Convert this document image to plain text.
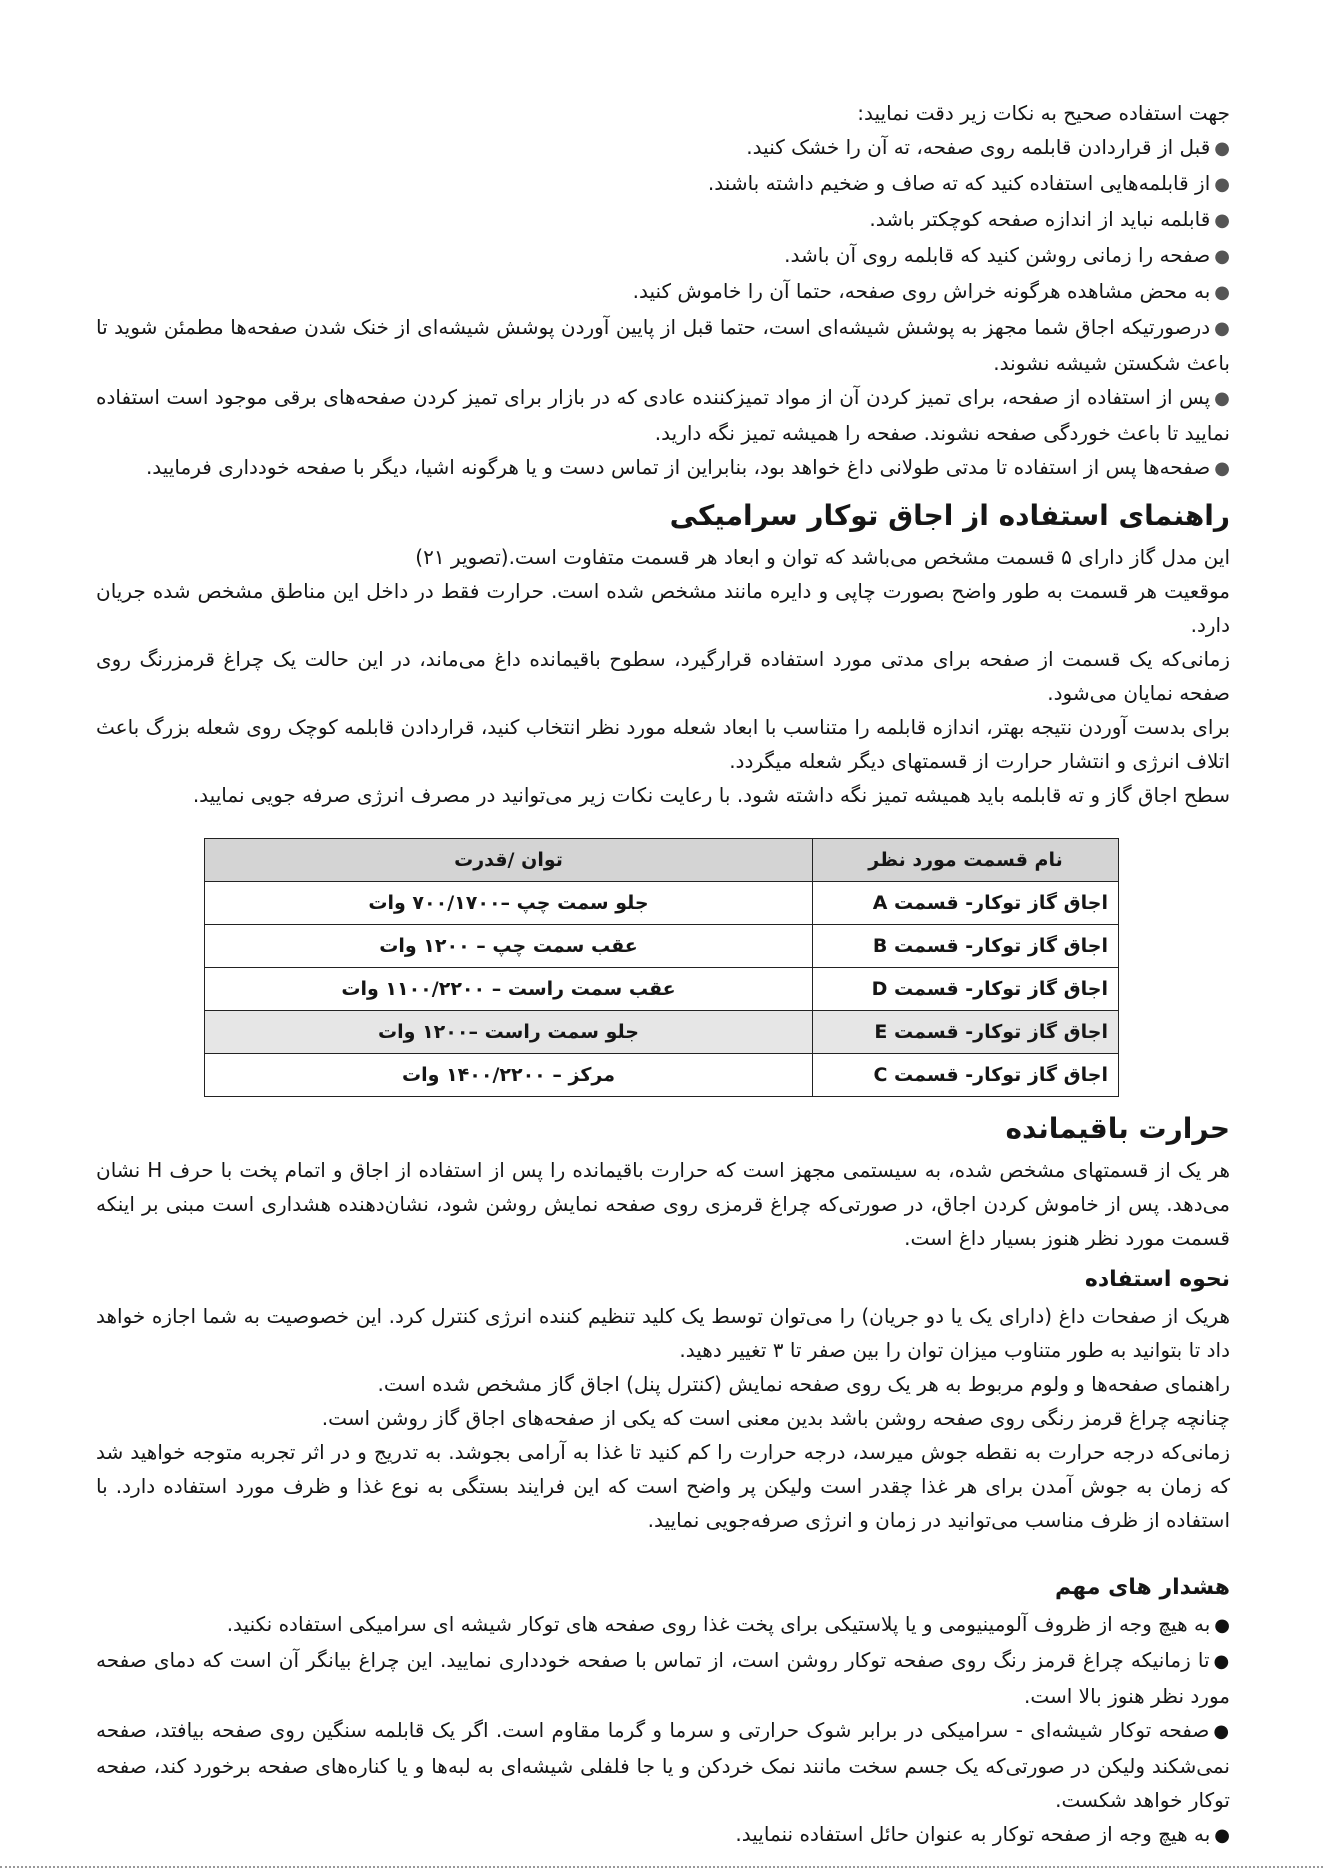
جهت استفاده صحیح به نکات زیر دقت نمایید:

●قبل از قراردادن قابلمه روی صفحه، ته آن را خشک کنید.
●از قابلمه‌هایی استفاده کنید که ته صاف و ضخیم داشته باشند.
●قابلمه نباید از اندازه صفحه کوچکتر باشد.
●صفحه را زمانی روشن کنید که قابلمه روی آن باشد.
●به محض مشاهده هرگونه خراش روی صفحه، حتما آن را خاموش کنید.
●درصورتیکه اجاق شما مجهز به پوشش شیشه‌ای است، حتما قبل از پایین آوردن پوشش شیشه‌ای از خنک شدن صفحه‌ها مطمئن شوید تا باعث شکستن شیشه نشوند.
●پس از استفاده از صفحه، برای تمیز کردن آن از مواد تمیزکننده عادی که در بازار برای تمیز کردن صفحه‌های برقی موجود است استفاده نمایید تا باعث خوردگی صفحه نشوند. صفحه را همیشه تمیز نگه دارید.
●صفحه‌ها پس از استفاده تا مدتی طولانی داغ خواهد بود، بنابراین از تماس دست و یا هرگونه اشیا، دیگر با صفحه خودداری فرمایید.
راهنمای استفاده از اجاق توکار سرامیکی

این مدل گاز دارای ۵ قسمت مشخص می‌باشد که توان و ابعاد هر قسمت متفاوت است.(تصویر ۲۱)

موقعیت هر قسمت به طور واضح بصورت چاپی و دایره مانند مشخص شده است. حرارت فقط در داخل این مناطق مشخص شده جریان دارد.

زمانی‌که یک قسمت از صفحه برای مدتی مورد استفاده قرارگیرد، سطوح باقیمانده داغ می‌ماند، در این حالت یک چراغ قرمزرنگ روی صفحه نمایان می‌شود.

برای بدست آوردن نتیجه بهتر، اندازه قابلمه را متناسب با ابعاد شعله مورد نظر انتخاب کنید، قراردادن قابلمه کوچک روی شعله بزرگ باعث اتلاف انرژی و انتشار حرارت از قسمتهای دیگر شعله میگردد.

سطح اجاق گاز و ته قابلمه باید همیشه تمیز نگه داشته شود. با رعایت نکات زیر می‌توانید در مصرف انرژی صرفه جویی نمایید.

نام قسمت مورد نظر	توان /قدرت
اجاق گاز توکار- قسمت A	جلو سمت چپ –۷۰۰/۱۷۰۰ وات
اجاق گاز توکار- قسمت B	عقب سمت چپ – ۱۲۰۰ وات
اجاق گاز توکار- قسمت D	عقب سمت راست – ۱۱۰۰/۲۲۰۰ وات
اجاق گاز توکار- قسمت E	جلو سمت راست –۱۲۰۰ وات
اجاق گاز توکار- قسمت C	مرکز – ۱۴۰۰/۲۲۰۰ وات
حرارت باقیمانده

هر یک از قسمتهای مشخص شده، به سیستمی مجهز است که حرارت باقیمانده را پس از استفاده از اجاق و اتمام پخت با حرف H نشان می‌دهد. پس از خاموش کردن اجاق، در صورتی‌که چراغ قرمزی روی صفحه نمایش روشن شود، نشان‌دهنده هشداری است مبنی بر اینکه قسمت مورد نظر هنوز بسیار داغ است.

نحوه استفاده

هریک از صفحات داغ (دارای یک یا دو جریان) را می‌توان توسط یک کلید تنظیم کننده انرژی کنترل کرد. این خصوصیت به شما اجازه خواهد داد تا بتوانید به طور متناوب میزان توان را بین صفر تا ۳ تغییر دهید.

راهنمای صفحه‌ها و ولوم مربوط به هر یک روی صفحه نمایش (کنترل پنل) اجاق گاز مشخص شده است.

چنانچه چراغ قرمز رنگی روی صفحه روشن باشد بدین معنی است که یکی از صفحه‌های اجاق گاز روشن است.

زمانی‌که درجه حرارت به نقطه جوش میرسد، درجه حرارت را کم کنید تا غذا به آرامی بجوشد. به تدریج و در اثر تجربه متوجه خواهید شد که زمان به جوش آمدن برای هر غذا چقدر است ولیکن پر واضح است که این فرایند بستگی به نوع غذا و ظرف مورد استفاده دارد. با استفاده از ظرف مناسب می‌توانید در زمان و انرژی صرفه‌جویی نمایید.

هشدار های مهم
●به هیچ وجه از ظروف آلومینیومی و یا پلاستیکی برای پخت غذا روی صفحه های توکار شیشه ای سرامیکی استفاده نکنید.
●تا زمانیکه چراغ قرمز رنگ روی صفحه توکار روشن است، از تماس با صفحه خودداری نمایید. این چراغ بیانگر آن است که دمای صفحه مورد نظر هنوز بالا است.
●صفحه توکار شیشه‌ای - سرامیکی در برابر شوک حرارتی و سرما و گرما مقاوم است. اگر یک قابلمه سنگین روی صفحه بیافتد، صفحه نمی‌شکند ولیکن در صورتی‌که یک جسم سخت مانند نمک خردکن و یا جا فلفلی شیشه‌ای به لبه‌ها و یا کناره‌های صفحه برخورد کند، صفحه توکار خواهد شکست.
●به هیچ وجه از صفحه توکار به عنوان حائل استفاده ننمایید.
